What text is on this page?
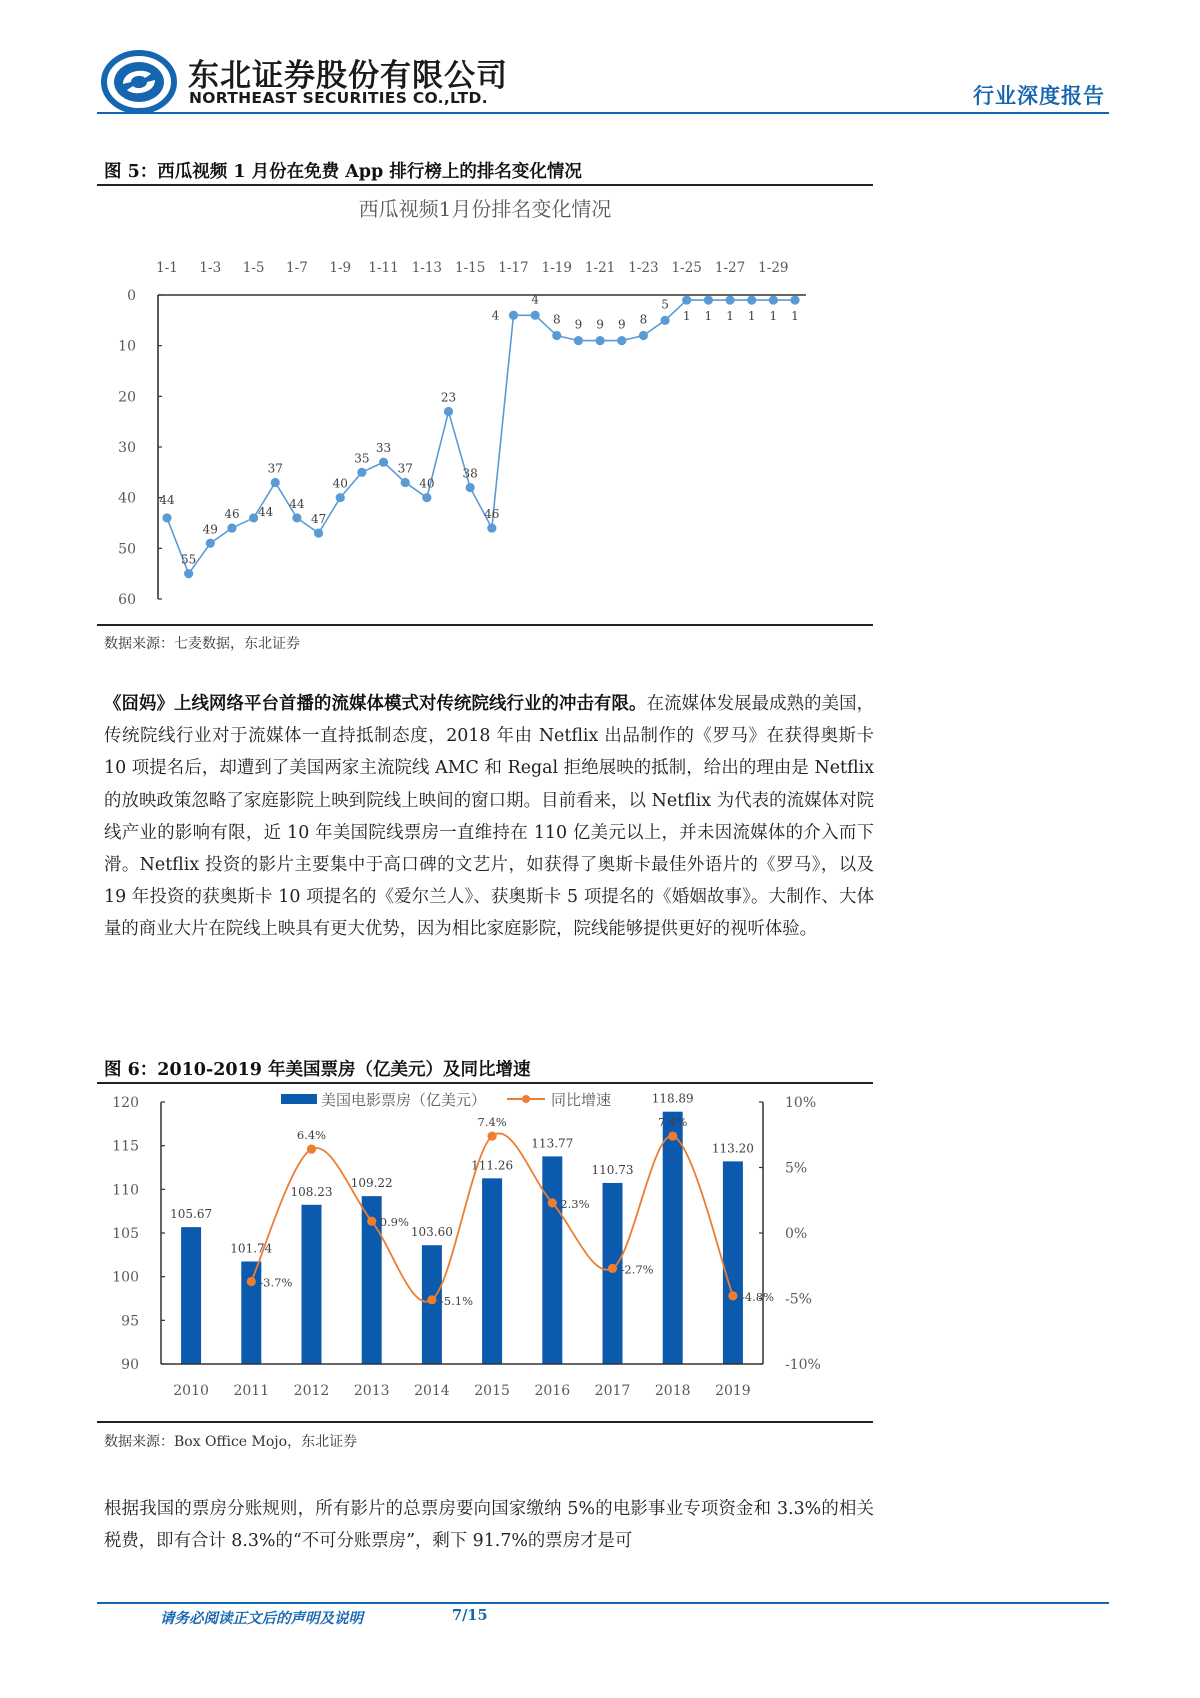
东北证券股份有限公司
NORTHEAST SECURITIES CO.,LTD.	行业深度报告
图 5：西瓜视频 1 月份在免费 App 排行榜上的排名变化情况
西瓜视频1月份排名变化情况
0
10
20
30
40
50
60
1-1 1-3 1-5 1-7 1-9 1-11 1-13 1-15 1-17 1-19 1-21 1-23 1-25 1-27 1-29
44
55
49
46 44
37
44
47
40
35
33
37
40
23
38
46
4
4
8 9 9 9 8
5
1 1 1 1 1 1
数据来源：七麦数据，东北证券
《囧妈》上线网络平台首播的流媒体模式对传统院线行业的冲击有限。在流媒体发展最成熟的美国，传统院线行业对于流媒体一直持抵制态度，2018 年由 Netflix 出品制作的《罗马》在获得奥斯卡 10 项提名后，却遭到了美国两家主流院线 AMC 和 Regal 拒绝展映的抵制，给出的理由是 Netflix 的放映政策忽略了家庭影院上映到院线上映间的窗口期。目前看来，以 Netflix 为代表的流媒体对院线产业的影响有限，近 10 年美国院线票房一直维持在 110 亿美元以上，并未因流媒体的介入而下滑。Netflix 投资的影片主要集中于高口碑的文艺片，如获得了奥斯卡最佳外语片的《罗马》，以及 19 年投资的获奥斯卡 10 项提名的《爱尔兰人》、获奥斯卡 5 项提名的《婚姻故事》。大制作、大体量的商业大片在院线上映具有更大优势，因为相比家庭影院，院线能够提供更好的视听体验。
图 6：2010-2019 年美国票房（亿美元）及同比增速
105.67
2010
101.74
2011
108.23
2012
109.22
2013
103.60
2014
111.26
2015
113.77
2016
110.73
2017
118.89
2018
113.20
2019
90
95
100
105
110
115
120
-10%
-5%
0%
5%
10%
-3.7%
6.4%
0.9%
-5.1%
7.4%
2.3%
-2.7%
7.4%
-4.8%
美国电影票房（亿美元）	同比增速
数据来源：Box Office Mojo，东北证券
根据我国的票房分账规则，所有影片的总票房要向国家缴纳 5%的电影事业专项资金和 3.3%的相关税费，即有合计 8.3%的“不可分账票房”，剩下 91.7%的票房才是可
请务必阅读正文后的声明及说明	7/15
